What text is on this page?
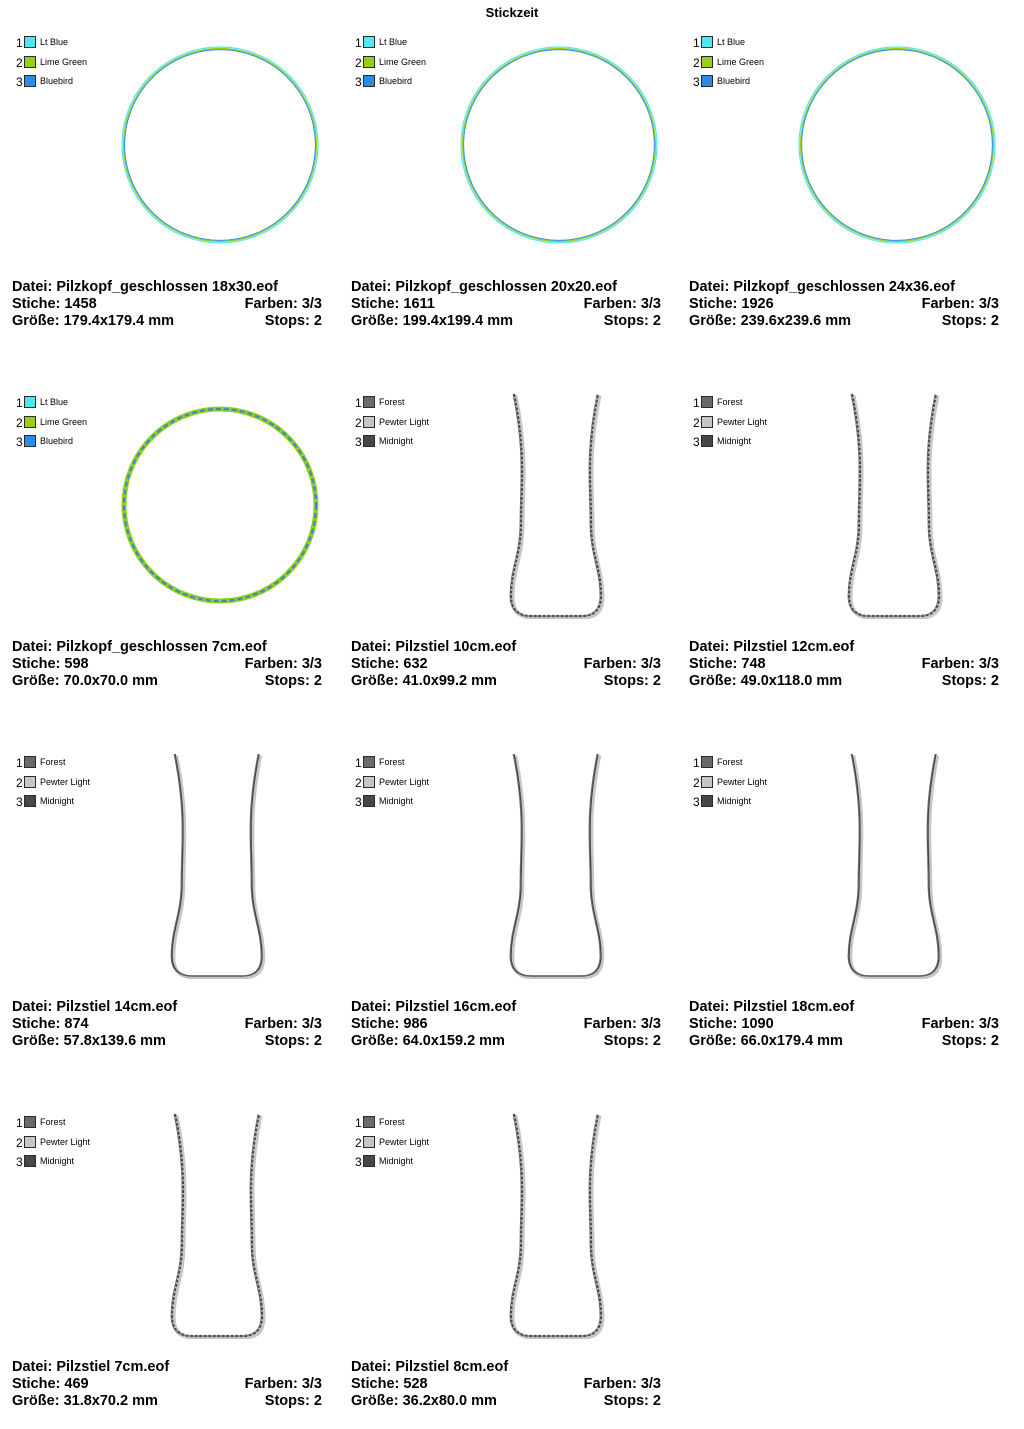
Stickzeit
1 Lt Blue
2 Lime Green
3 Bluebird
Datei: Pilzkopf_geschlossen 18x30.eof
Stiche: 1458	Farben: 3/3
Größe: 179.4x179.4 mm	Stops: 2
1 Lt Blue
2 Lime Green
3 Bluebird
Datei: Pilzkopf_geschlossen 20x20.eof
Stiche: 1611	Farben: 3/3
Größe: 199.4x199.4 mm	Stops: 2
1 Lt Blue
2 Lime Green
3 Bluebird
Datei: Pilzkopf_geschlossen 24x36.eof
Stiche: 1926	Farben: 3/3
Größe: 239.6x239.6 mm	Stops: 2
1 Lt Blue
2 Lime Green
3 Bluebird
Datei: Pilzkopf_geschlossen 7cm.eof
Stiche: 598	Farben: 3/3
Größe: 70.0x70.0 mm	Stops: 2
1 Forest
2 Pewter Light
3 Midnight
Datei: Pilzstiel 10cm.eof
Stiche: 632	Farben: 3/3
Größe: 41.0x99.2 mm	Stops: 2
1 Forest
2 Pewter Light
3 Midnight
Datei: Pilzstiel 12cm.eof
Stiche: 748	Farben: 3/3
Größe: 49.0x118.0 mm	Stops: 2
1 Forest
2 Pewter Light
3 Midnight
Datei: Pilzstiel 14cm.eof
Stiche: 874	Farben: 3/3
Größe: 57.8x139.6 mm	Stops: 2
1 Forest
2 Pewter Light
3 Midnight
Datei: Pilzstiel 16cm.eof
Stiche: 986	Farben: 3/3
Größe: 64.0x159.2 mm	Stops: 2
1 Forest
2 Pewter Light
3 Midnight
Datei: Pilzstiel 18cm.eof
Stiche: 1090	Farben: 3/3
Größe: 66.0x179.4 mm	Stops: 2
1 Forest
2 Pewter Light
3 Midnight
Datei: Pilzstiel 7cm.eof
Stiche: 469	Farben: 3/3
Größe: 31.8x70.2 mm	Stops: 2
1 Forest
2 Pewter Light
3 Midnight
Datei: Pilzstiel 8cm.eof
Stiche: 528	Farben: 3/3
Größe: 36.2x80.0 mm	Stops: 2
